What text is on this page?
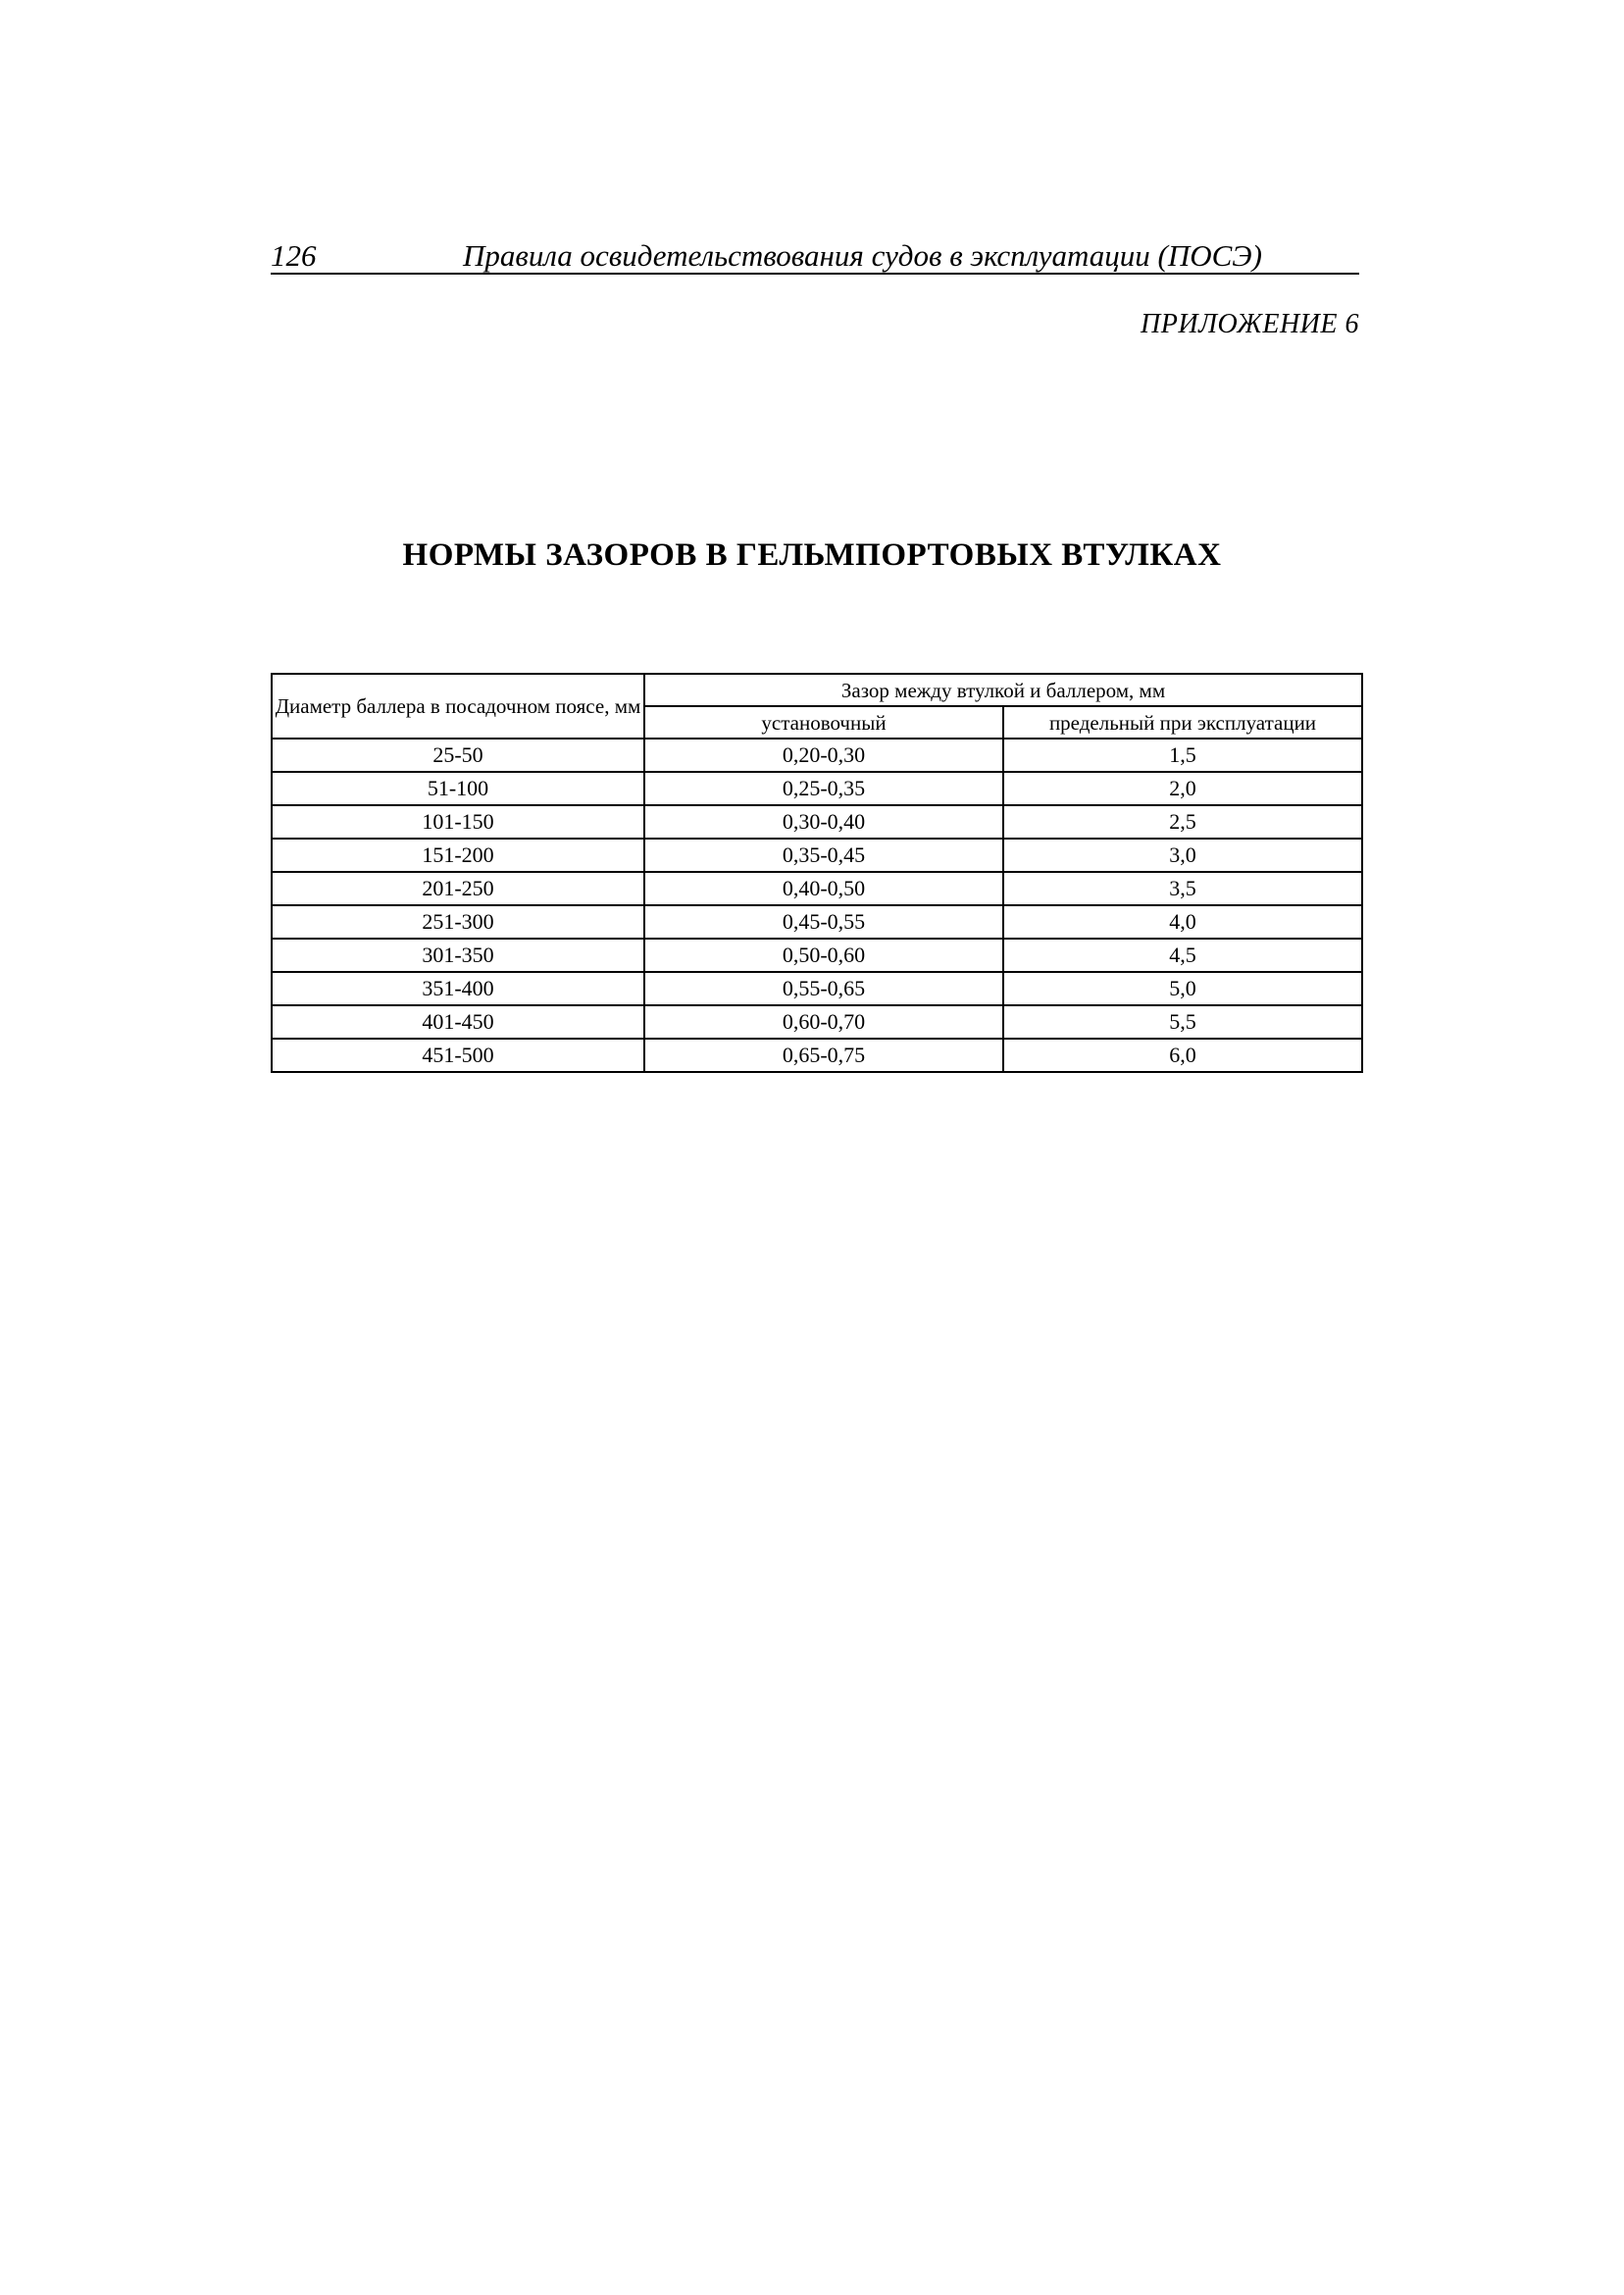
126	Правила освидетельствования судов в эксплуатации (ПОСЭ)
ПРИЛОЖЕНИЕ 6
НОРМЫ ЗАЗОРОВ В ГЕЛЬМПОРТОВЫХ ВТУЛКАХ
Диаметр баллера в посадочном поясе, мм	Зазор между втулкой и баллером, мм	
	установочный	предельный при эксплуатации
25-50	0,20-0,30	1,5
51-100	0,25-0,35	2,0
101-150	0,30-0,40	2,5
151-200	0,35-0,45	3,0
201-250	0,40-0,50	3,5
251-300	0,45-0,55	4,0
301-350	0,50-0,60	4,5
351-400	0,55-0,65	5,0
401-450	0,60-0,70	5,5
451-500	0,65-0,75	6,0
